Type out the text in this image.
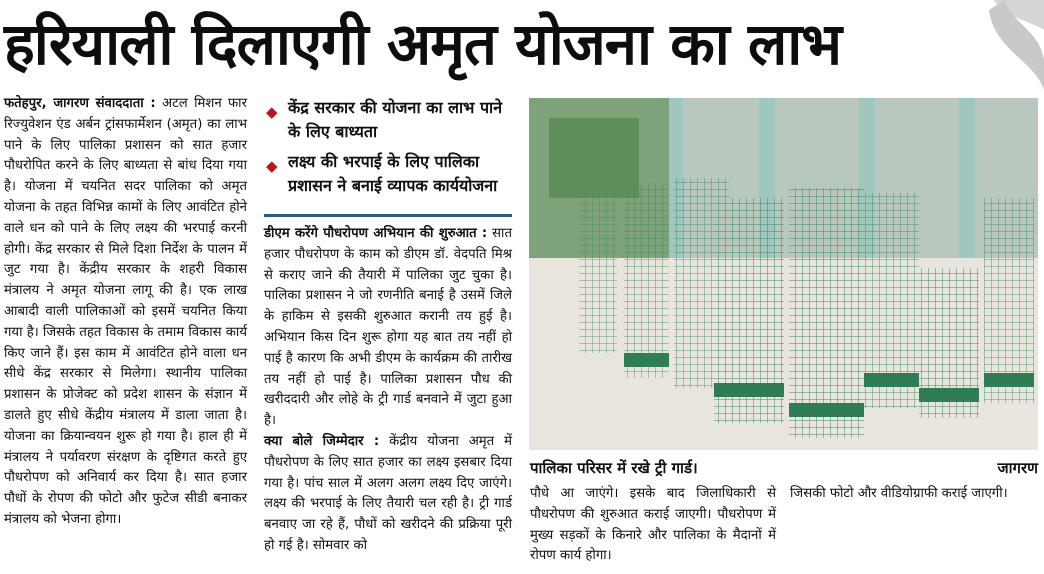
हरियाली दिलाएगी अमृत योजना का लाभ
फतेहपुर, जागरण संवाददाता : अटल मिशन फार रिज्युवेशन एंड अर्बन ट्रांसफार्मेशन (अमृत) का लाभ पाने के लिए पालिका प्रशासन को सात हजार पौधरोपित करने के लिए बाध्यता से बांध दिया गया है। योजना में चयनित सदर पालिका को अमृत योजना के तहत विभिन्न कामों के लिए आवंटित होने वाले धन को पाने के लिए लक्ष्य की भरपाई करनी होगी। केंद्र सरकार से मिले दिशा निर्देश के पालन में जुट गया है। केंद्रीय सरकार के शहरी विकास मंत्रालय ने अमृत योजना लागू की है। एक लाख आबादी वाली पालिकाओं को इसमें चयनित किया गया है। जिसके तहत विकास के तमाम विकास कार्य किए जाने हैं। इस काम में आवंटित होने वाला धन सीधे केंद्र सरकार से मिलेगा। स्थानीय पालिका प्रशासन के प्रोजेक्ट को प्रदेश शासन के संज्ञान में डालते हुए सीधे केंद्रीय मंत्रालय में डाला जाता है। योजना का क्रियान्वयन शुरू हो गया है। हाल ही में मंत्रालय ने पर्यावरण संरक्षण के दृष्टिगत करते हुए पौधरोपण को अनिवार्य कर दिया है। सात हजार पौधों के रोपण की फोटो और फुटेज सीडी बनाकर मंत्रालय को भेजना होगा।
◆ केंद्र सरकार की योजना का लाभ पाने के लिए बाध्यता
◆ लक्ष्य की भरपाई के लिए पालिका प्रशासन ने बनाई व्यापक कार्ययोजना
डीएम करेंगे पौधरोपण अभियान की शुरुआत : सात हजार पौधरोपण के काम को डीएम डॉ. वेदपति मिश्र से कराए जाने की तैयारी में पालिका जुट चुका है। पालिका प्रशासन ने जो रणनीति बनाई है उसमें जिले के हाकिम से इसकी शुरुआत करानी तय हुई है। अभियान किस दिन शुरू होगा यह बात तय नहीं हो पाई है कारण कि अभी डीएम के कार्यक्रम की तारीख तय नहीं हो पाई है। पालिका प्रशासन पौध की खरीददारी और लोहे के ट्री गार्ड बनवाने में जुटा हुआ है।
क्या बोले जिम्मेदार : केंद्रीय योजना अमृत में पौधरोपण के लिए सात हजार का लक्ष्य इसबार दिया गया है। पांच साल में अलग अलग लक्ष्य दिए जाएंगे। लक्ष्य की भरपाई के लिए तैयारी चल रही है। ट्री गार्ड बनवाए जा रहे हैं, पौधों को खरीदने की प्रक्रिया पूरी हो गई है। सोमवार को
पालिका परिसर में रखे ट्री गार्ड।	जागरण
पौधे आ जाएंगे। इसके बाद जिलाधिकारी से पौधरोपण की शुरुआत कराई जाएगी। पौधरोपण में मुख्य सड़कों के किनारे और पालिका के मैदानों में रोपण कार्य होगा।
जिसकी फोटो और वीडियोग्राफी कराई जाएगी।
